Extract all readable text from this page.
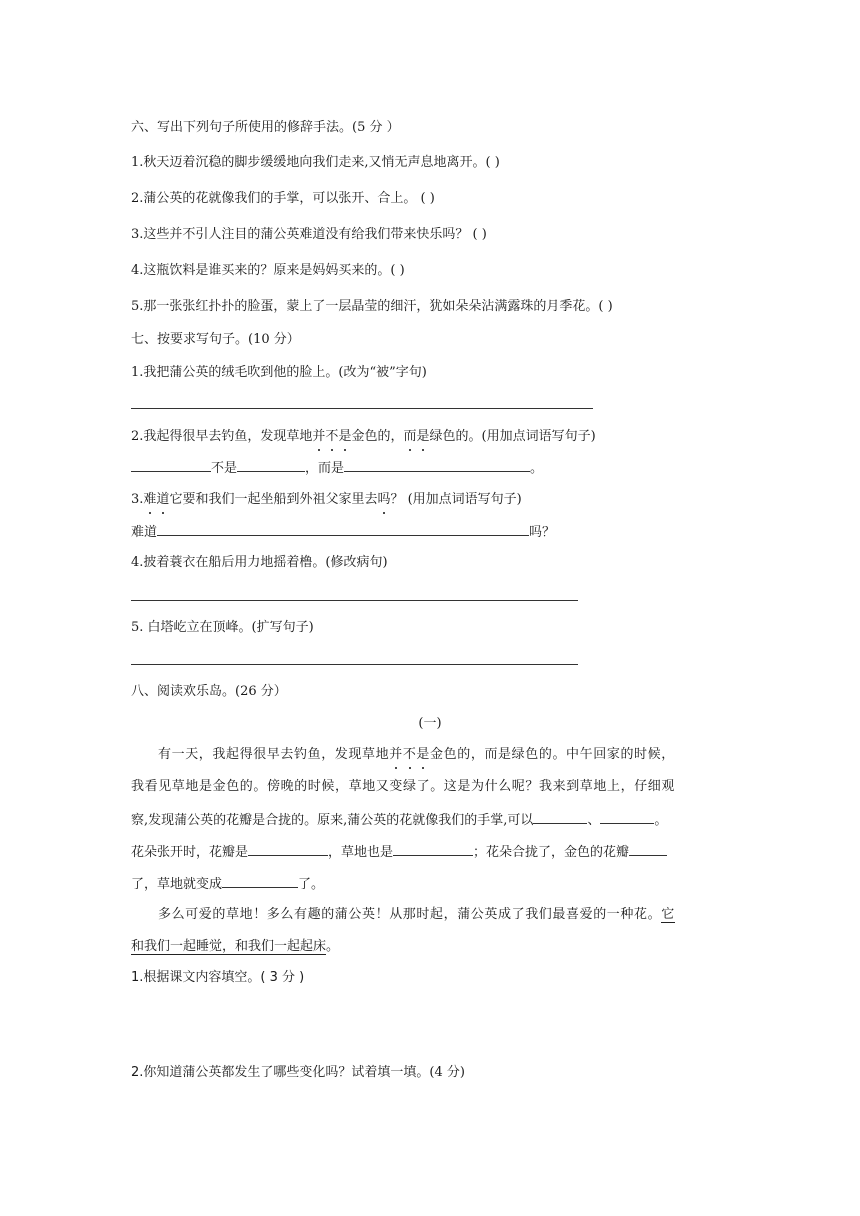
六、写出下列句子所使用的修辞手法。(5 分 ）
1.秋天迈着沉稳的脚步缓缓地向我们走来,又悄无声息地离开。( )
2.蒲公英的花就像我们的手掌，可以张开、合上。 ( )
3.这些并不引人注目的蒲公英难道没有给我们带来快乐吗？ ( )
4.这瓶饮料是谁买来的？原来是妈妈买来的。( )
5.那一张张红扑扑的脸蛋，蒙上了一层晶莹的细汗，犹如朵朵沾满露珠的月季花。( )
七、按要求写句子。(10 分）
1.我把蒲公英的绒毛吹到他的脸上。(改为“被”字句)
2.我起得很早去钓鱼，发现草地并不是金色的，而是绿色的。(用加点词语写句子)
不是	，而是	。
3.难道它要和我们一起坐船到外祖父家里去吗？ (用加点词语写句子)
难道	吗？
4.披着蓑衣在船后用力地摇着橹。(修改病句)
5. 白塔屹立在顶峰。(扩写句子)
八、阅读欢乐岛。(26 分）
(一)
有一天，我起得很早去钓鱼，发现草地并不是金色的，而是绿色的。中午回家的时候，
我看见草地是金色的。傍晚的时候，草地又变绿了。这是为什么呢？我来到草地上，仔细观
察,发现蒲公英的花瓣是合拢的。原来,蒲公英的花就像我们的手掌,可以	、	。
花朵张开时，花瓣是	，草地也是	；花朵合拢了，金色的花瓣
了，草地就变成	了。
多么可爱的草地！多么有趣的蒲公英！从那时起，蒲公英成了我们最喜爱的一种花。它
和我们一起睡觉，和我们一起起床。
1.根据课文内容填空。( 3 分 )
2.你知道蒲公英都发生了哪些变化吗？试着填一填。(4 分)
